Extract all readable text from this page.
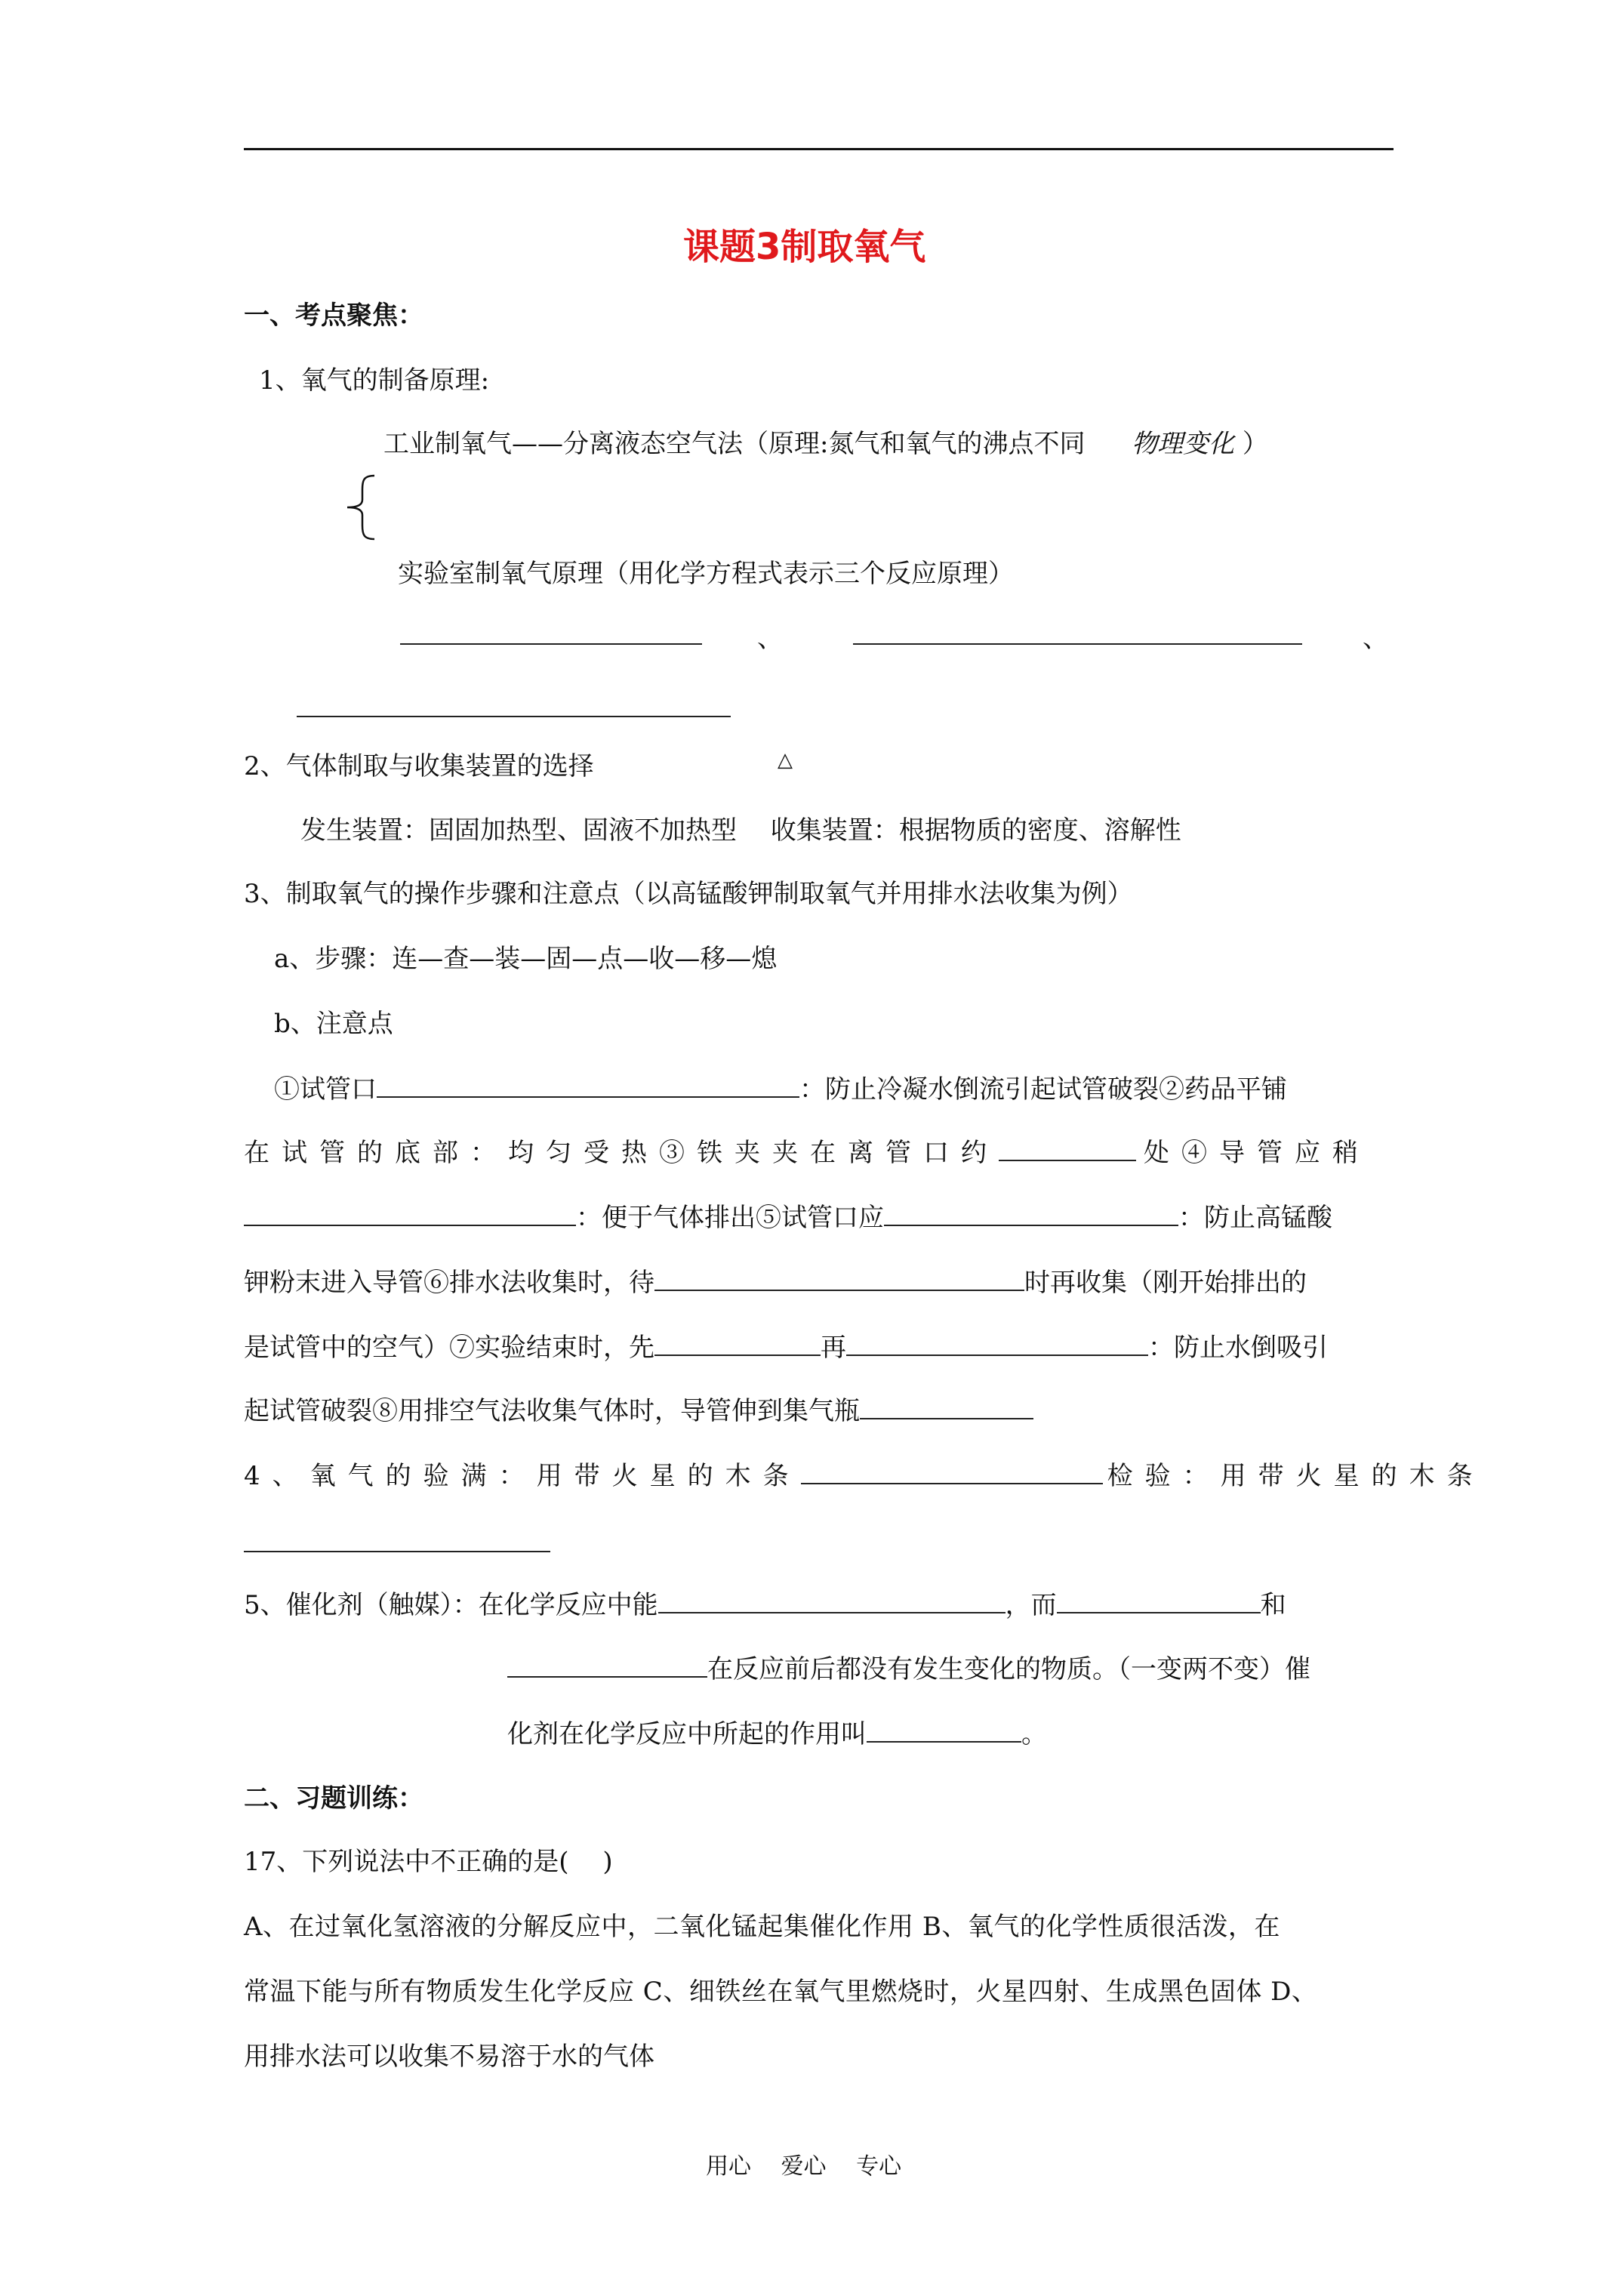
课题3制取氧气
一、考点聚焦：
1、氧气的制备原理:
工业制氧气——分离液态空气法（原理:氮气和氧气的沸点不同 物理变化 ）
实验室制氧气原理（用化学方程式表示三个反应原理）
、	、
2、气体制取与收集装置的选择	△
发生装置：固固加热型、固液不加热型　 收集装置：根据物质的密度、溶解性
3、制取氧气的操作步骤和注意点（以高锰酸钾制取氧气并用排水法收集为例）
a、步骤：连—查—装—固—点—收—移—熄
b、注意点
①试管口	：防止冷凝水倒流引起试管破裂②药品平铺
在试管的底部：均匀受热③铁夹夹在离管口约	处④导管应稍
：便于气体排出⑤试管口应	：防止高锰酸
钾粉末进入导管⑥排水法收集时，待	时再收集（刚开始排出的
是试管中的空气）⑦实验结束时，先	再	：防止水倒吸引
起试管破裂⑧用排空气法收集气体时，导管伸到集气瓶
4、氧气的验满：用带火星的木条	检验：用带火星的木条
5、催化剂（触媒）：在化学反应中能	，而	和
在反应前后都没有发生变化的物质。（一变两不变）催
化剂在化学反应中所起的作用叫	。
二、习题训练：
17、下列说法中不正确的是(　 )
A、在过氧化氢溶液的分解反应中，二氧化锰起集催化作用 B、氧气的化学性质很活泼，在
常温下能与所有物质发生化学反应 C、细铁丝在氧气里燃烧时，火星四射、生成黑色固体 D、
用排水法可以收集不易溶于水的气体
用心　 爱心　 专心
